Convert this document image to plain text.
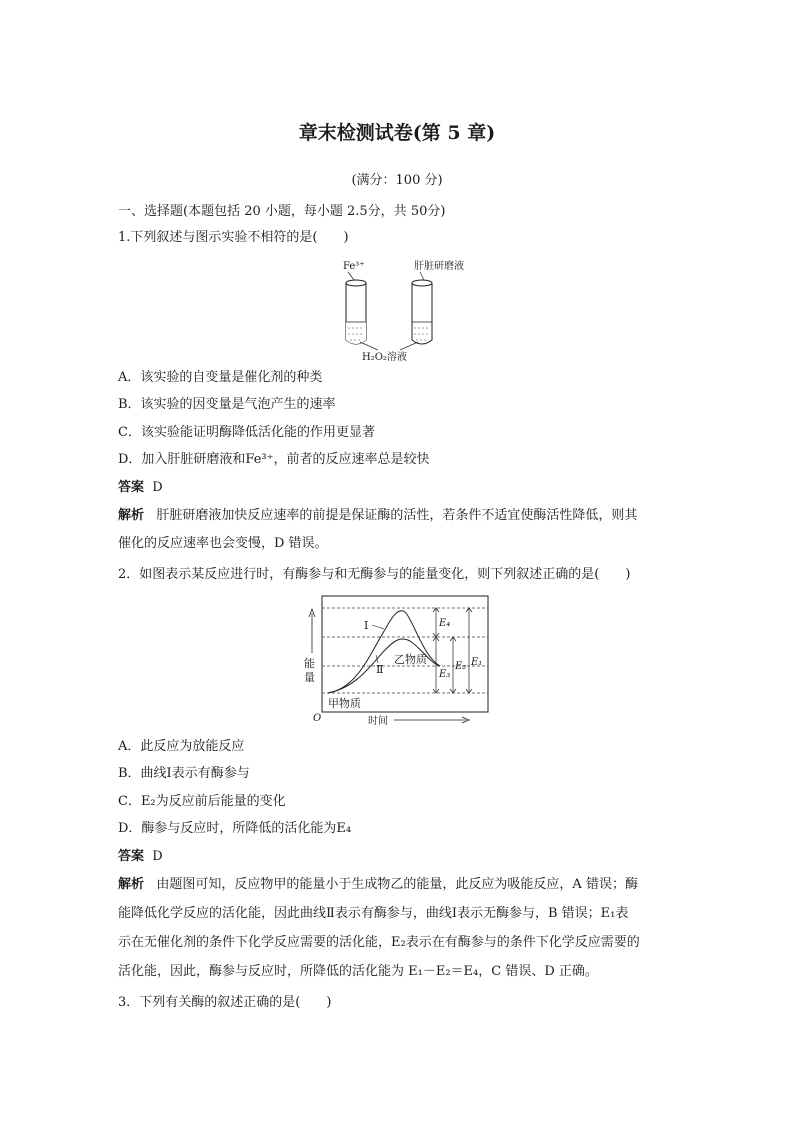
章末检测试卷(第 5 章)
(满分：100 分)
一、选择题(本题包括 20 小题，每小题 2.5分，共 50分)
1.下列叙述与图示实验不相符的是(　　)
Fe³⁺	肝脏研磨液
H₂O₂溶液
A．该实验的自变量是催化剂的种类
B．该实验的因变量是气泡产生的速率
C．该实验能证明酶降低活化能的作用更显著
D．加入肝脏研磨液和Fe³⁺，前者的反应速率总是较快
答案 D
解析 肝脏研磨液加快反应速率的前提是保证酶的活性，若条件不适宜使酶活性降低，则其
催化的反应速率也会变慢，D 错误。
2．如图表示某反应进行时，有酶参与和无酶参与的能量变化，则下列叙述正确的是(　　)
能
量
O	时间
Ⅰ
Ⅱ
乙物质
甲物质
E₄
E₃
E₂ E₁
A．此反应为放能反应
B．曲线Ⅰ表示有酶参与
C．E₂为反应前后能量的变化
D．酶参与反应时，所降低的活化能为E₄
答案 D
解析 由题图可知，反应物甲的能量小于生成物乙的能量，此反应为吸能反应，A 错误；酶
能降低化学反应的活化能，因此曲线Ⅱ表示有酶参与，曲线Ⅰ表示无酶参与，B 错误；E₁表
示在无催化剂的条件下化学反应需要的活化能，E₂表示在有酶参与的条件下化学反应需要的
活化能，因此，酶参与反应时，所降低的活化能为 E₁－E₂＝E₄，C 错误、D 正确。
3．下列有关酶的叙述正确的是(　　)
